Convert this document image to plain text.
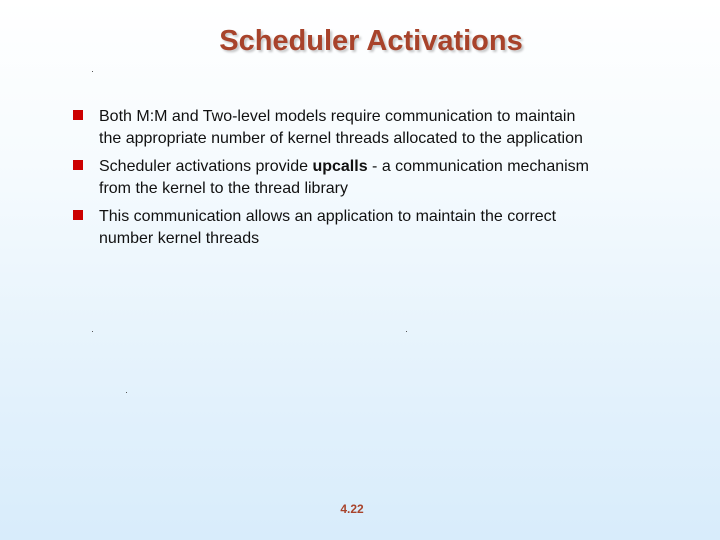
Scheduler Activations
Both M:M and Two-level models require communication to maintain the appropriate number of kernel threads allocated to the application
Scheduler activations provide upcalls - a communication mechanism from the kernel to the thread library
This communication allows an application to maintain the correct number kernel threads
4.22
